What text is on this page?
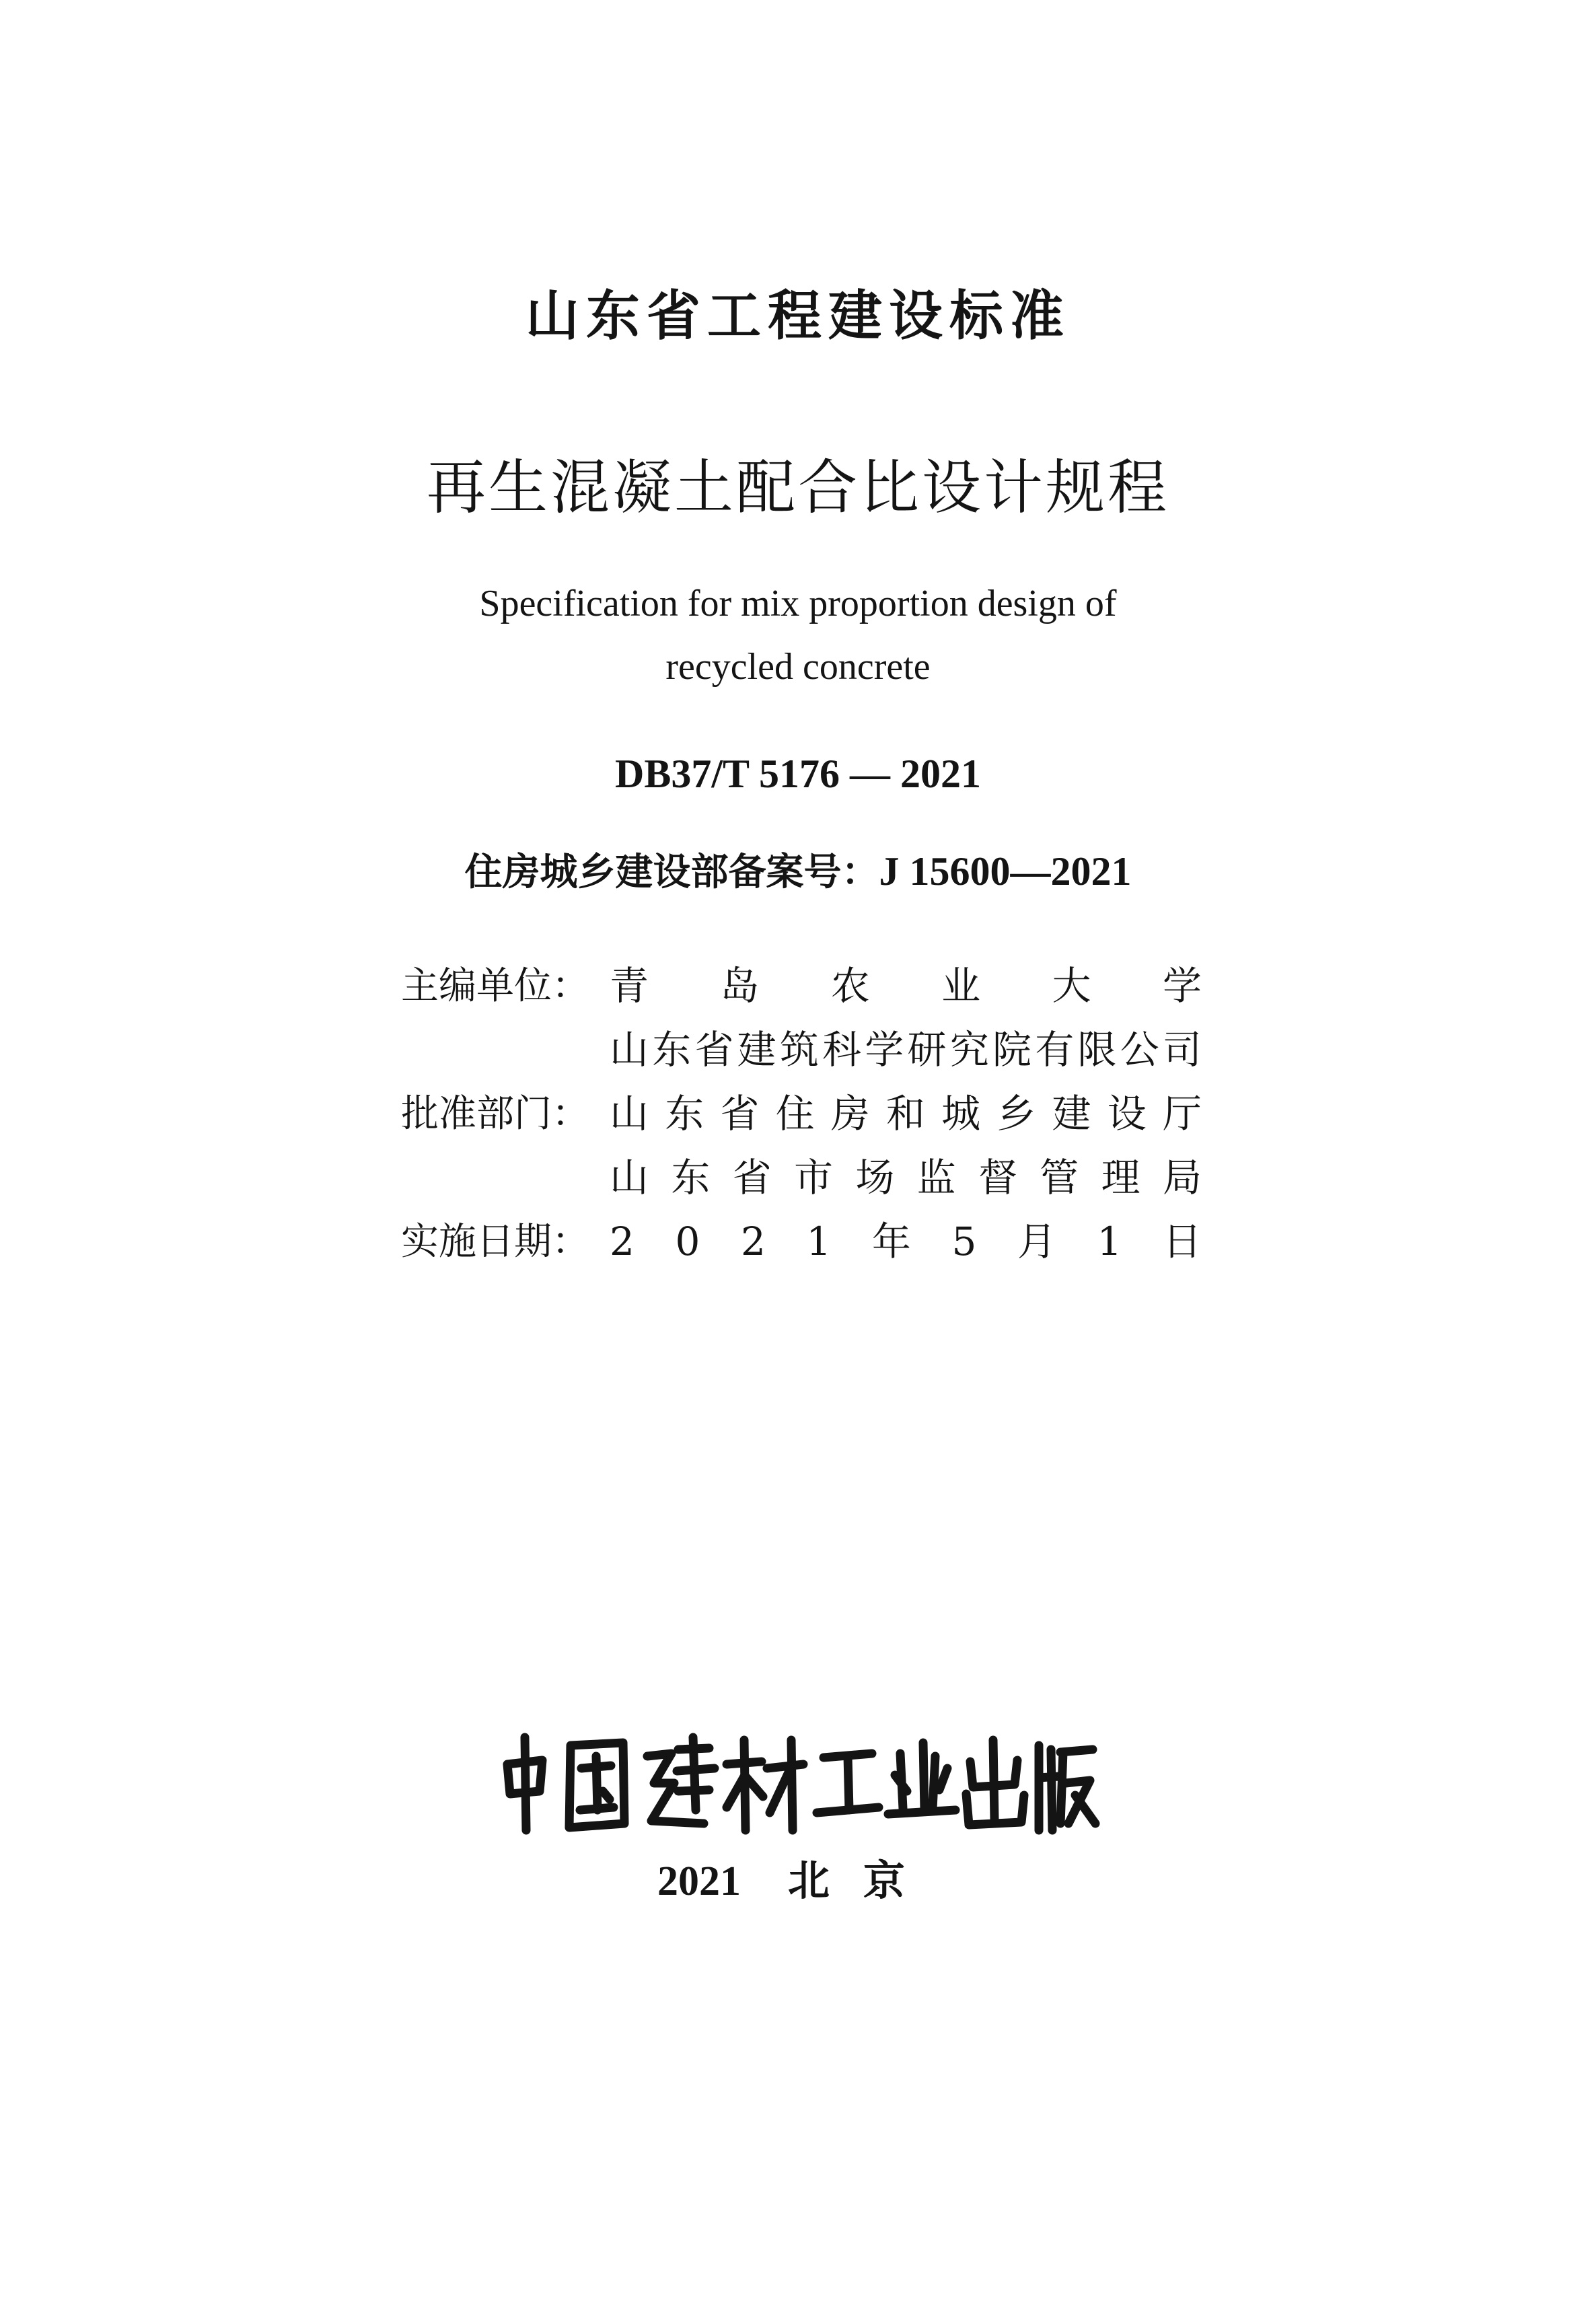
山东省工程建设标准
再生混凝土配合比设计规程
Specification for mix proportion design of
recycled concrete
DB37/T 5176 — 2021
住房城乡建设部备案号：J 15600—2021
主编单位： 青 岛 农 业 大 学
山 东 省 建 筑 科 学 研 究 院 有 限 公 司
批准部门： 山 东 省 住 房 和 城 乡 建 设 厅
山 东 省 市 场 监 督 管 理 局
实施日期： 2 0 2 1 年 5 月 1 日
2021 北京
